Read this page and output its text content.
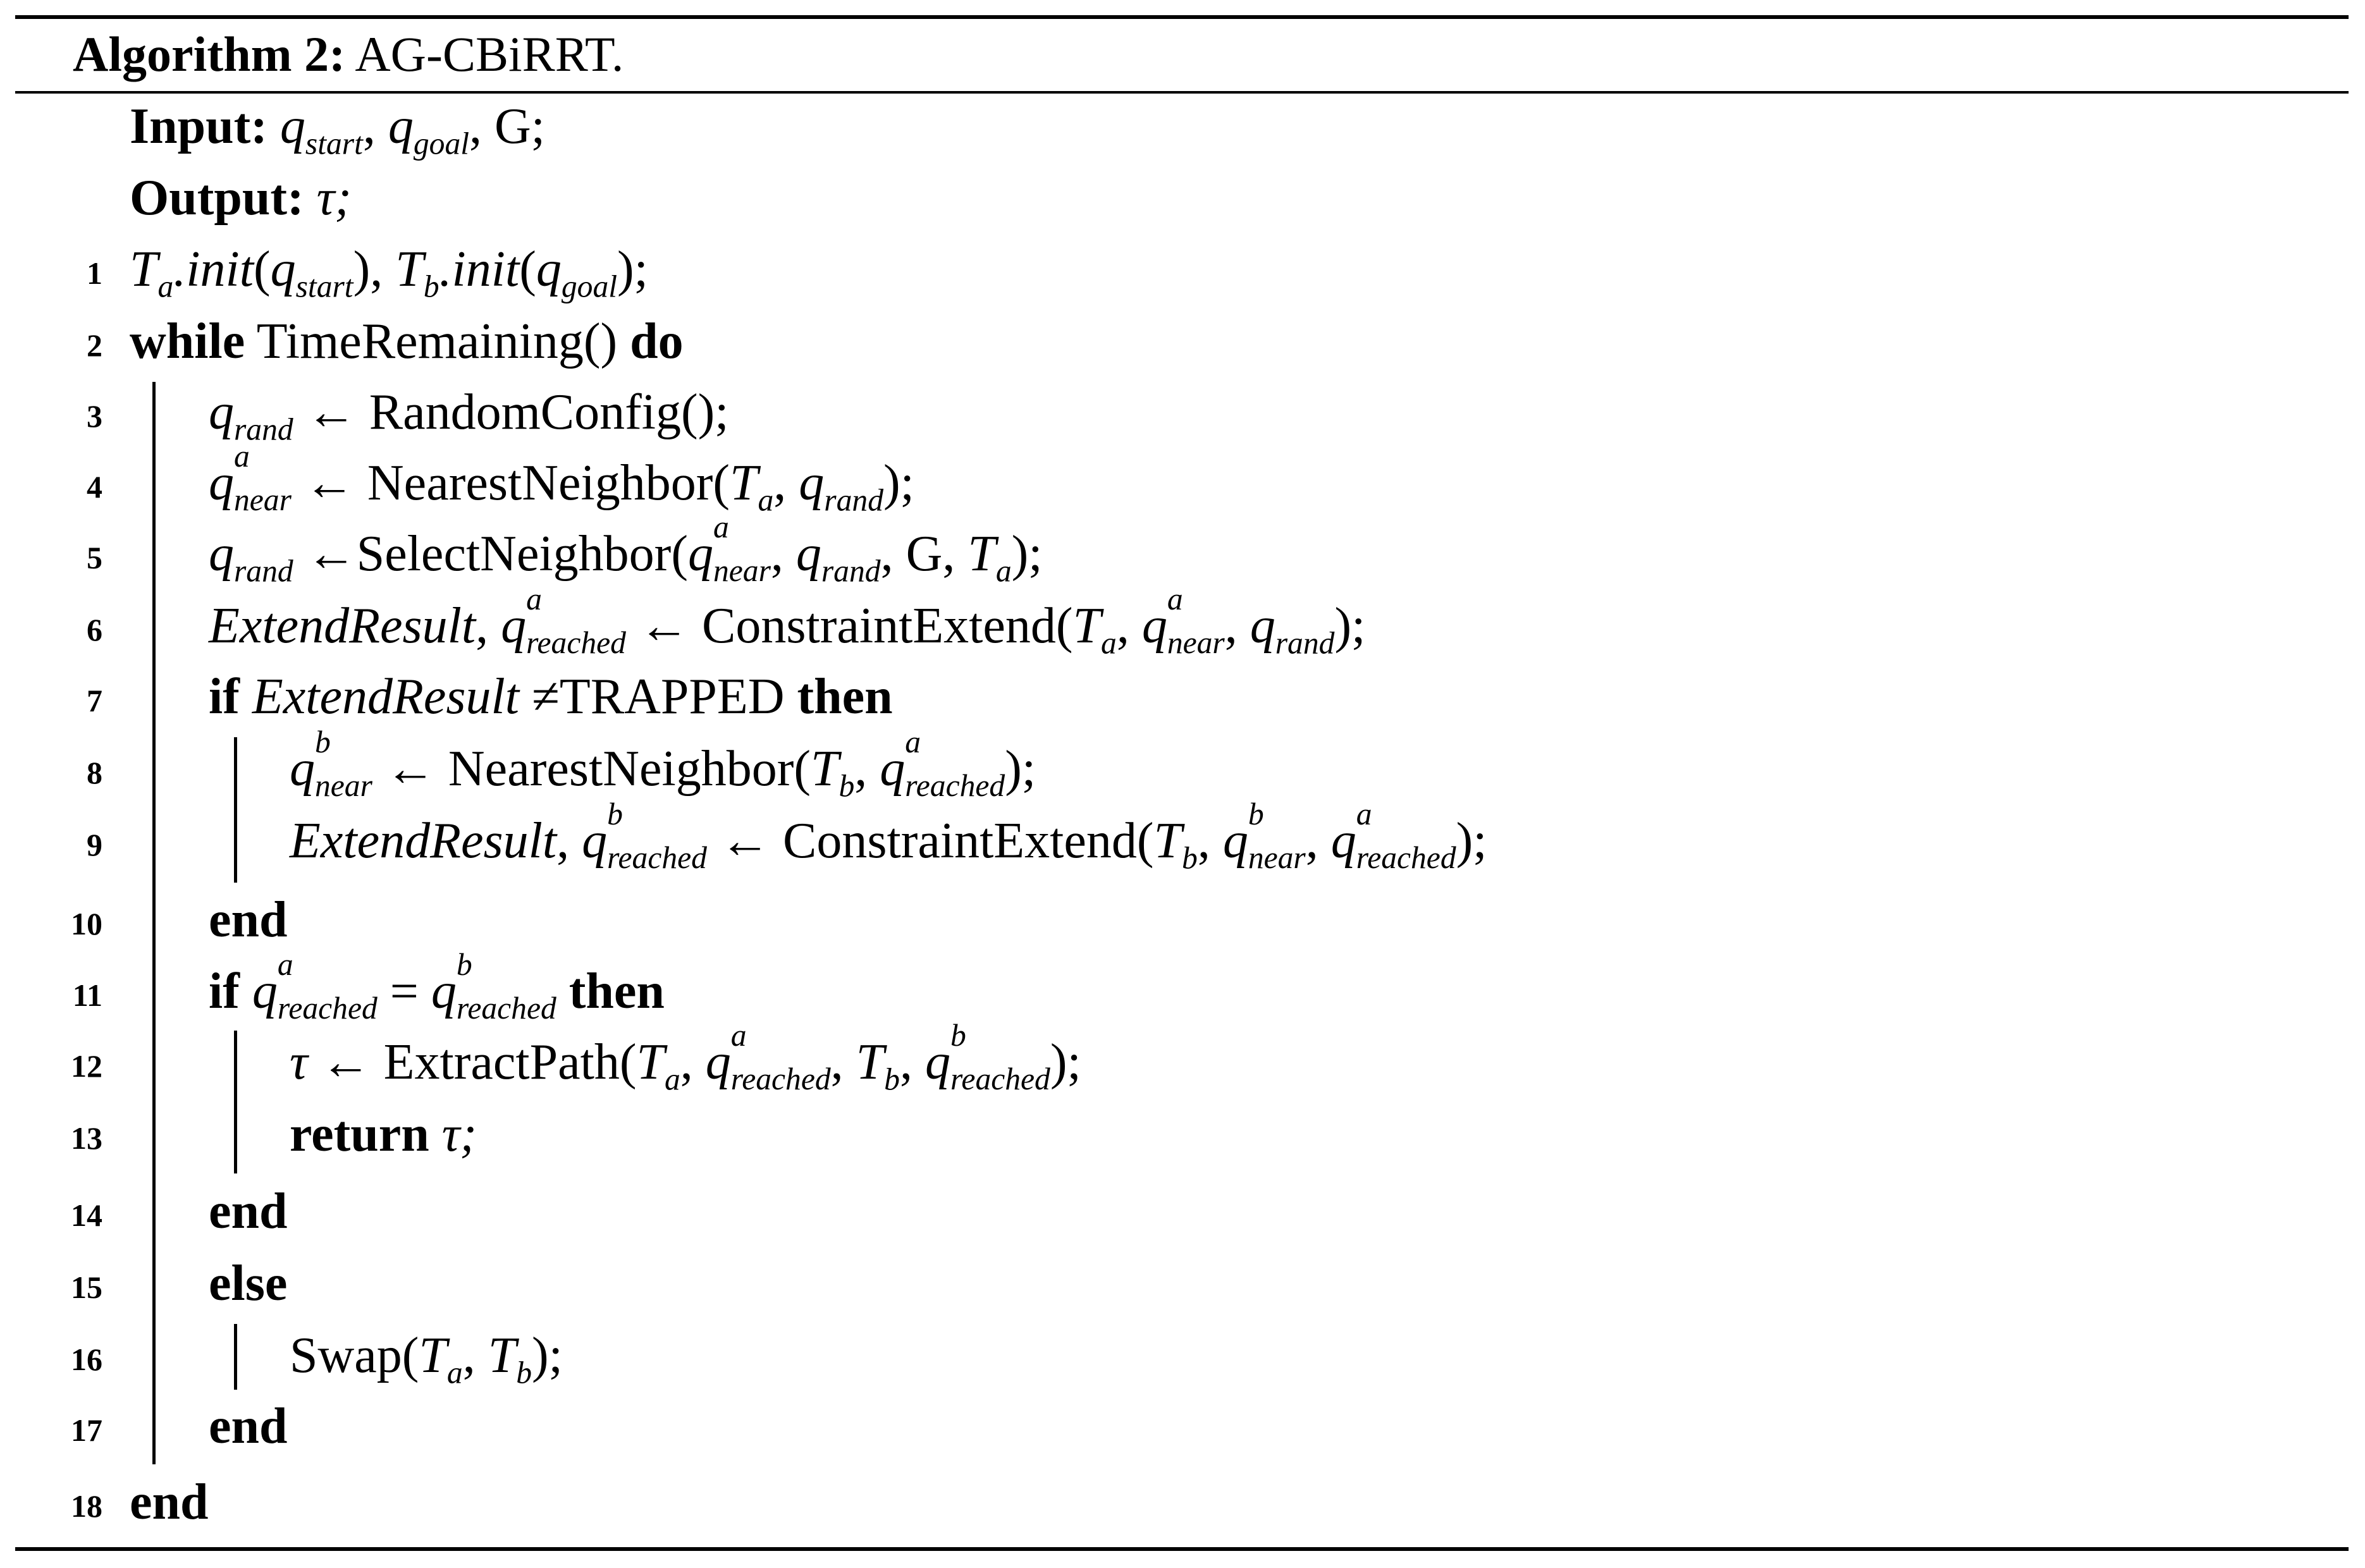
Algorithm 2: AG-CBiRRT.
Input: $q_{start}$, $q_{goal}$, G;
Output: τ;
1 $T_a.init(q_{start})$, $T_b.init(q_{goal})$;
2 while TimeRemaining() do
3 $q_{rand}$ ← RandomConfig();
4 q a
near ← $NearestNeighbor(T_a$, $q_{rand}$);
5 $q_{rand}$ ←SelectNeighbor(q a
near, $q_{rand}$, G, $T_a$);
6 ExtendResult, q a
reached ← $ConstraintExtend(T_a$, q a
near, $q_{rand}$);
7 if ExtendResult ≠TRAPPED then
8	q b
near ← $NearestNeighbor(T_b$, q a
reached);
9	ExtendResult, q b
reached ← $ConstraintExtend(T_b$, q b
near, q a
reached);
10 end
11 if q a
reached = q b
reached then
12	τ ← $ExtractPath(T_a$, q a
reached, $T_b$, q b
reached);
13	return τ;
14 end
15 else
16	$Swap(T_a$, $T_b$);
17 end
18 end
